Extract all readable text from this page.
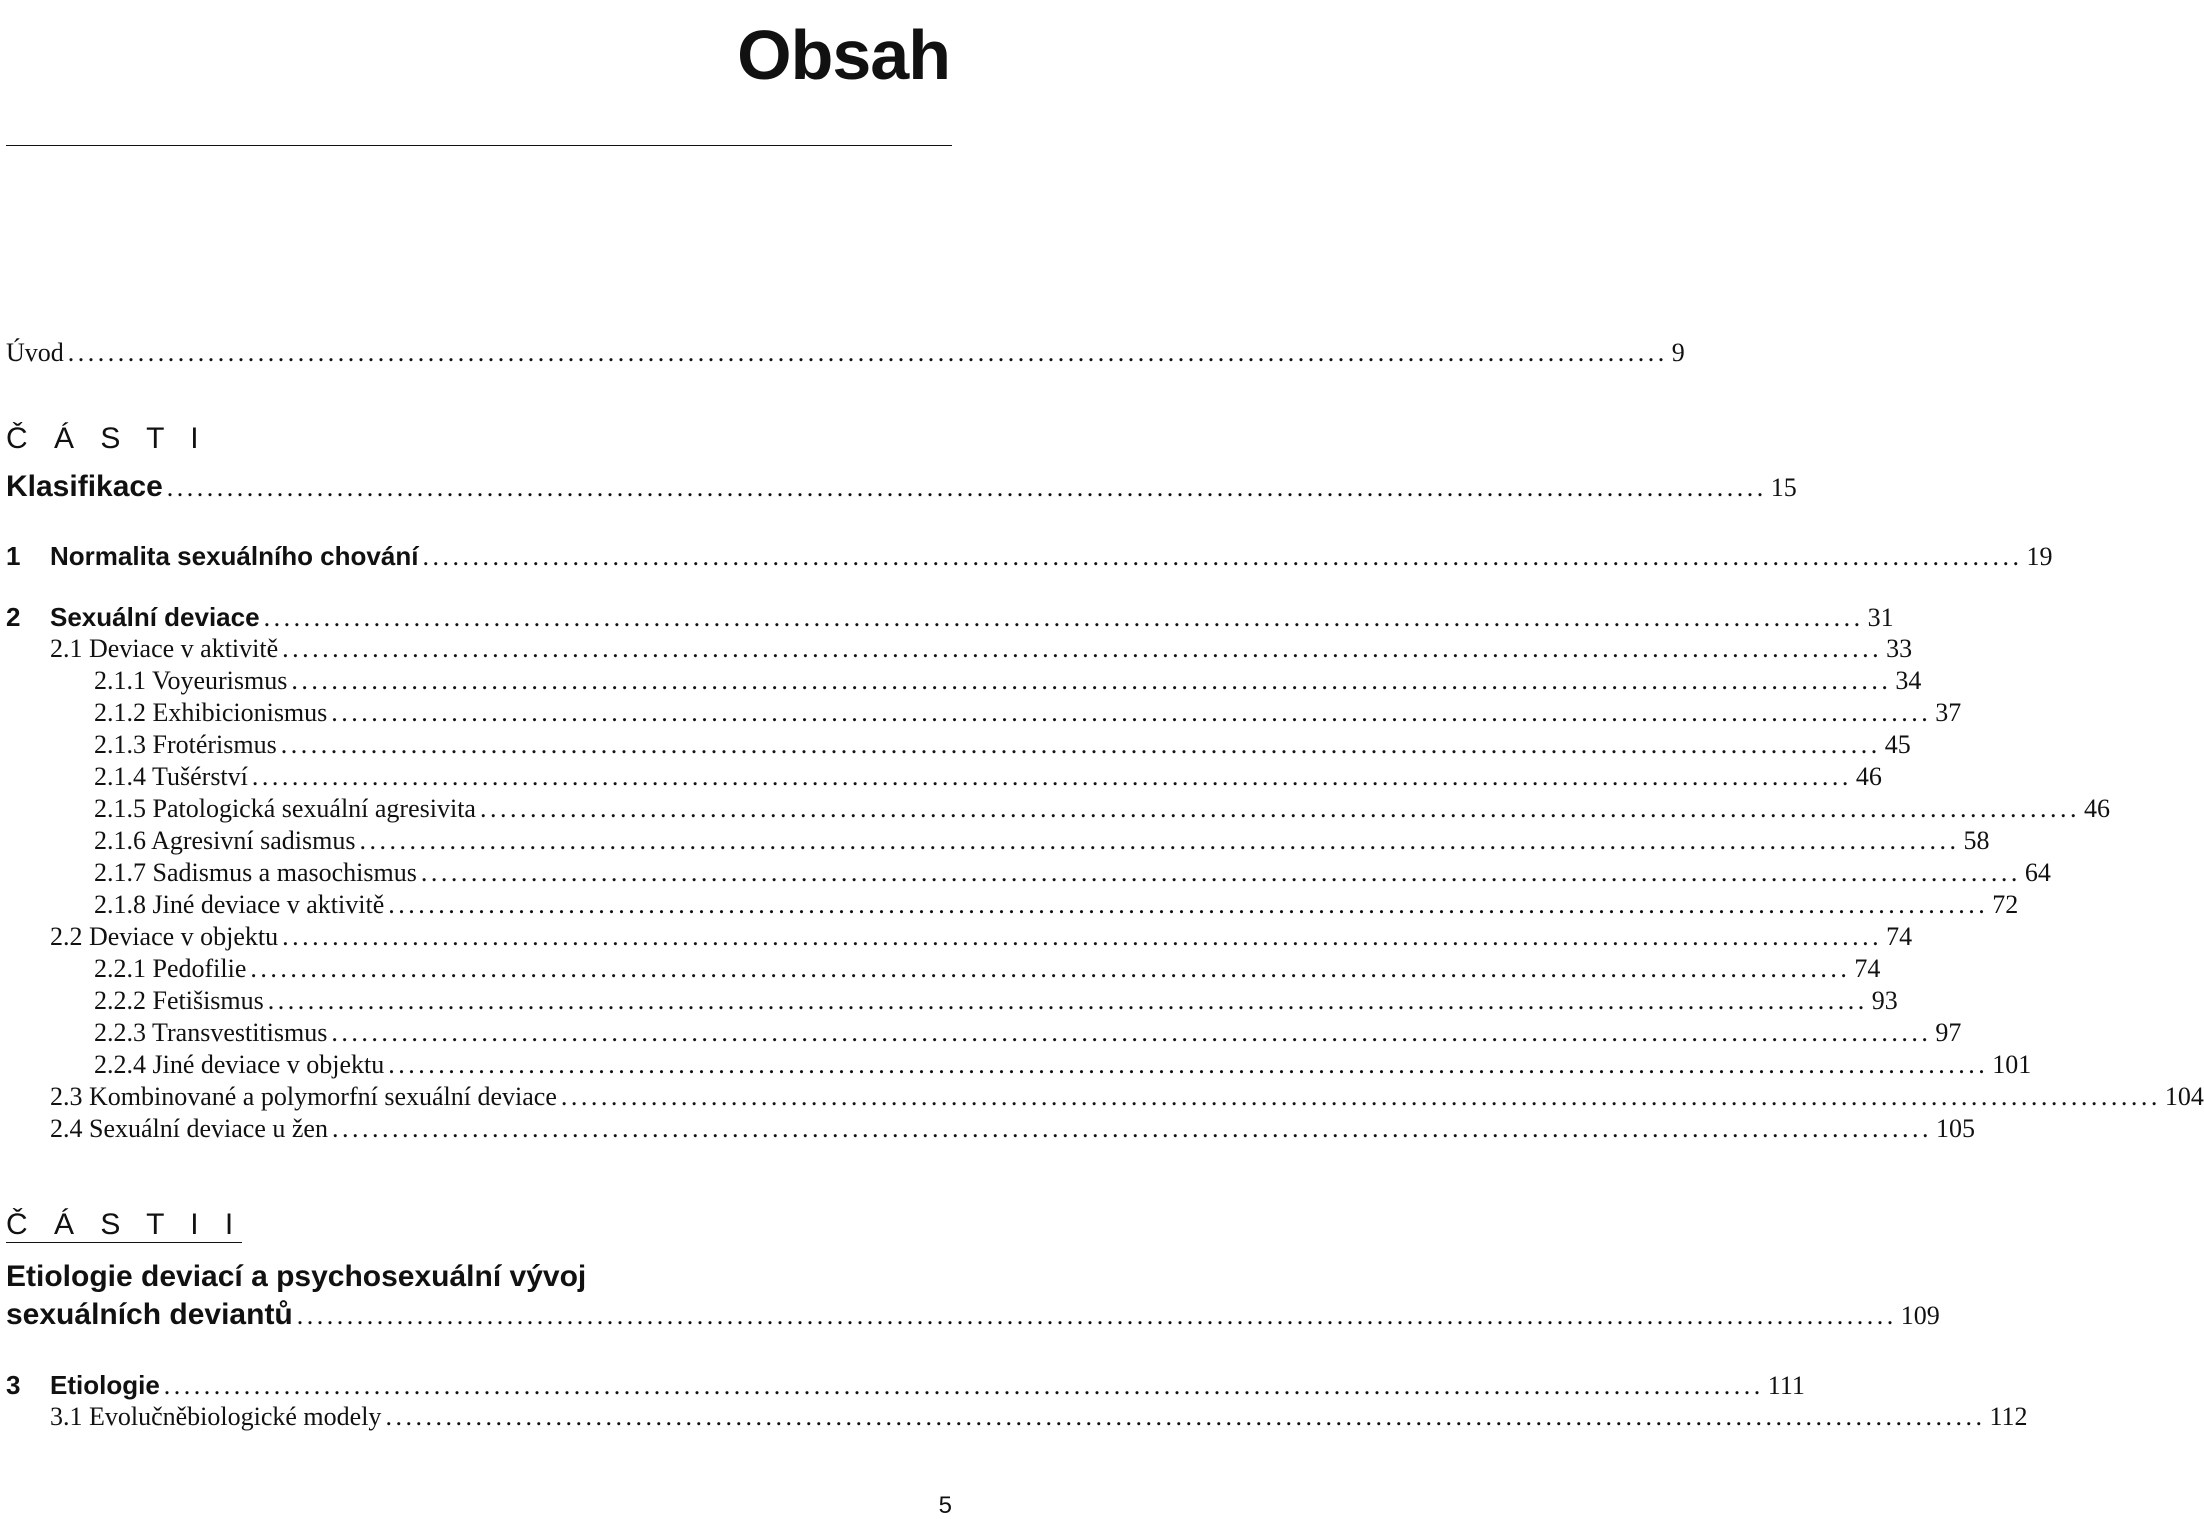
Obsah
Úvod ................................................................................................................................................................ 9
Č Á S T I
Klasifikace ................................................................................................................................................................ 15
1	Normalita sexuálního chování ................................................................................................................................................................ 19
2	Sexuální deviace ................................................................................................................................................................ 31
2.1 Deviace v aktivitě ................................................................................................................................................................ 33
2.1.1 Voyeurismus ................................................................................................................................................................ 34
2.1.2 Exhibicionismus ................................................................................................................................................................ 37
2.1.3 Frotérismus ................................................................................................................................................................ 45
2.1.4 Tušérství ................................................................................................................................................................ 46
2.1.5 Patologická sexuální agresivita ................................................................................................................................................................ 46
2.1.6 Agresivní sadismus ................................................................................................................................................................ 58
2.1.7 Sadismus a masochismus ................................................................................................................................................................ 64
2.1.8 Jiné deviace v aktivitě ................................................................................................................................................................ 72
2.2 Deviace v objektu ................................................................................................................................................................ 74
2.2.1 Pedofilie ................................................................................................................................................................ 74
2.2.2 Fetišismus ................................................................................................................................................................ 93
2.2.3 Transvestitismus ................................................................................................................................................................ 97
2.2.4 Jiné deviace v objektu ................................................................................................................................................................ 101
2.3 Kombinované a polymorfní sexuální deviace ................................................................................................................................................................ 104
2.4 Sexuální deviace u žen ................................................................................................................................................................ 105
Č Á S T I I
Etiologie deviací a psychosexuální vývoj
sexuálních deviantů ................................................................................................................................................................ 109
3	Etiologie ................................................................................................................................................................ 111
3.1 Evolučněbiologické modely ................................................................................................................................................................ 112
5
